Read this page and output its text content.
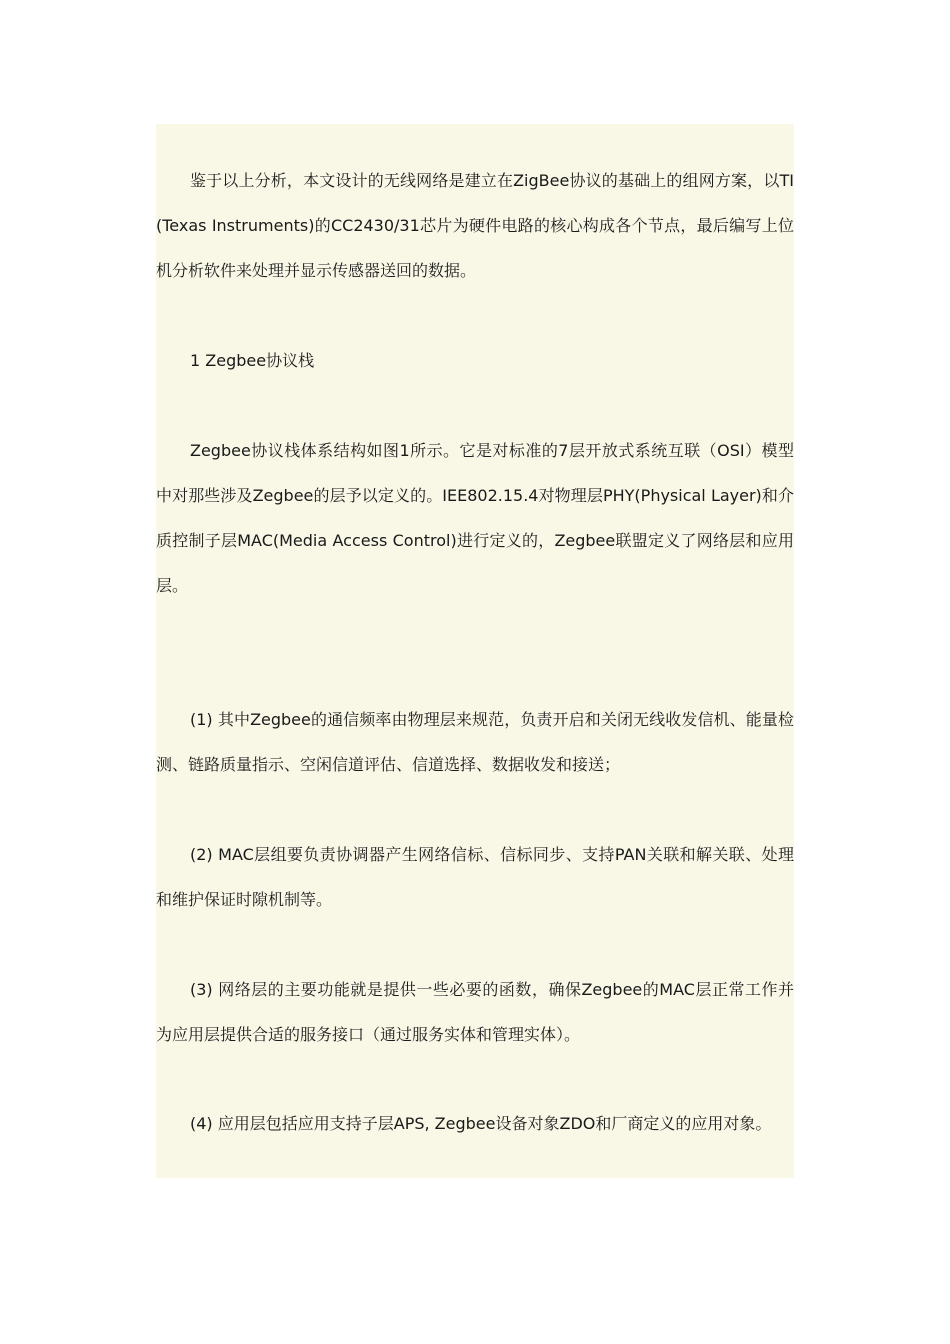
鉴于以上分析，本文设计的无线网络是建立在ZigBee协议的基础上的组网方案，以TI(Texas Instruments)的CC2430/31芯片为硬件电路的核心构成各个节点，最后编写上位机分析软件来处理并显示传感器送回的数据。

1 Zegbee协议栈

Zegbee协议栈体系结构如图1所示。它是对标准的7层开放式系统互联（OSI）模型中对那些涉及Zegbee的层予以定义的。IEE802.15.4对物理层PHY(Physical Layer)和介质控制子层MAC(Media Access Control)进行定义的，Zegbee联盟定义了网络层和应用层。

(1) 其中Zegbee的通信频率由物理层来规范，负责开启和关闭无线收发信机、能量检测、链路质量指示、空闲信道评估、信道选择、数据收发和接送；

(2) MAC层组要负责协调器产生网络信标、信标同步、支持PAN关联和解关联、处理和维护保证时隙机制等。

(3) 网络层的主要功能就是提供一些必要的函数，确保Zegbee的MAC层正常工作并为应用层提供合适的服务接口（通过服务实体和管理实体）。

(4) 应用层包括应用支持子层APS, Zegbee设备对象ZDO和厂商定义的应用对象。
